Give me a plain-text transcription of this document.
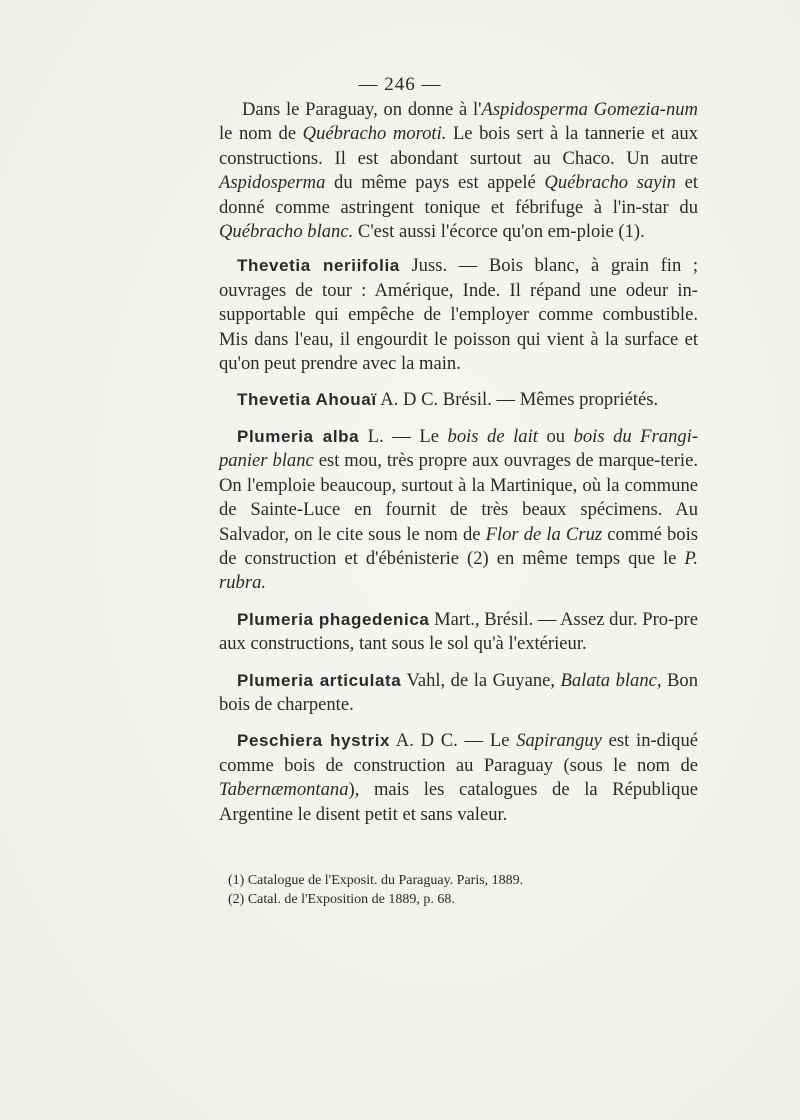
— 246 —

Dans le Paraguay, on donne à l'Aspidosperma Gomezia-num le nom de Québracho moroti. Le bois sert à la tannerie et aux constructions. Il est abondant surtout au Chaco. Un autre Aspidosperma du même pays est appelé Québracho sayin et donné comme astringent tonique et fébrifuge à l'in-star du Québracho blanc. C'est aussi l'écorce qu'on em-ploie (1).

Thevetia neriifolia Juss. — Bois blanc, à grain fin ; ouvrages de tour : Amérique, Inde. Il répand une odeur in-supportable qui empêche de l'employer comme combustible. Mis dans l'eau, il engourdit le poisson qui vient à la surface et qu'on peut prendre avec la main.

Thevetia Ahouaï A. D C. Brésil. — Mêmes propriétés.

Plumeria alba L. — Le bois de lait ou bois du Frangi-panier blanc est mou, très propre aux ouvrages de marque-terie. On l'emploie beaucoup, surtout à la Martinique, où la commune de Sainte-Luce en fournit de très beaux spécimens. Au Salvador, on le cite sous le nom de Flor de la Cruz commé bois de construction et d'ébénisterie (2) en même temps que le P. rubra.

Plumeria phagedenica Mart., Brésil. — Assez dur. Pro-pre aux constructions, tant sous le sol qu'à l'extérieur.

Plumeria articulata Vahl, de la Guyane, Balata blanc, Bon bois de charpente.

Peschiera hystrix A. D C. — Le Sapiranguy est in-diqué comme bois de construction au Paraguay (sous le nom de Tabernæmontana), mais les catalogues de la République Argentine le disent petit et sans valeur.

(1) Catalogue de l'Exposit. du Paraguay. Paris, 1889.
(2) Catal. de l'Exposition de 1889, p. 68.
